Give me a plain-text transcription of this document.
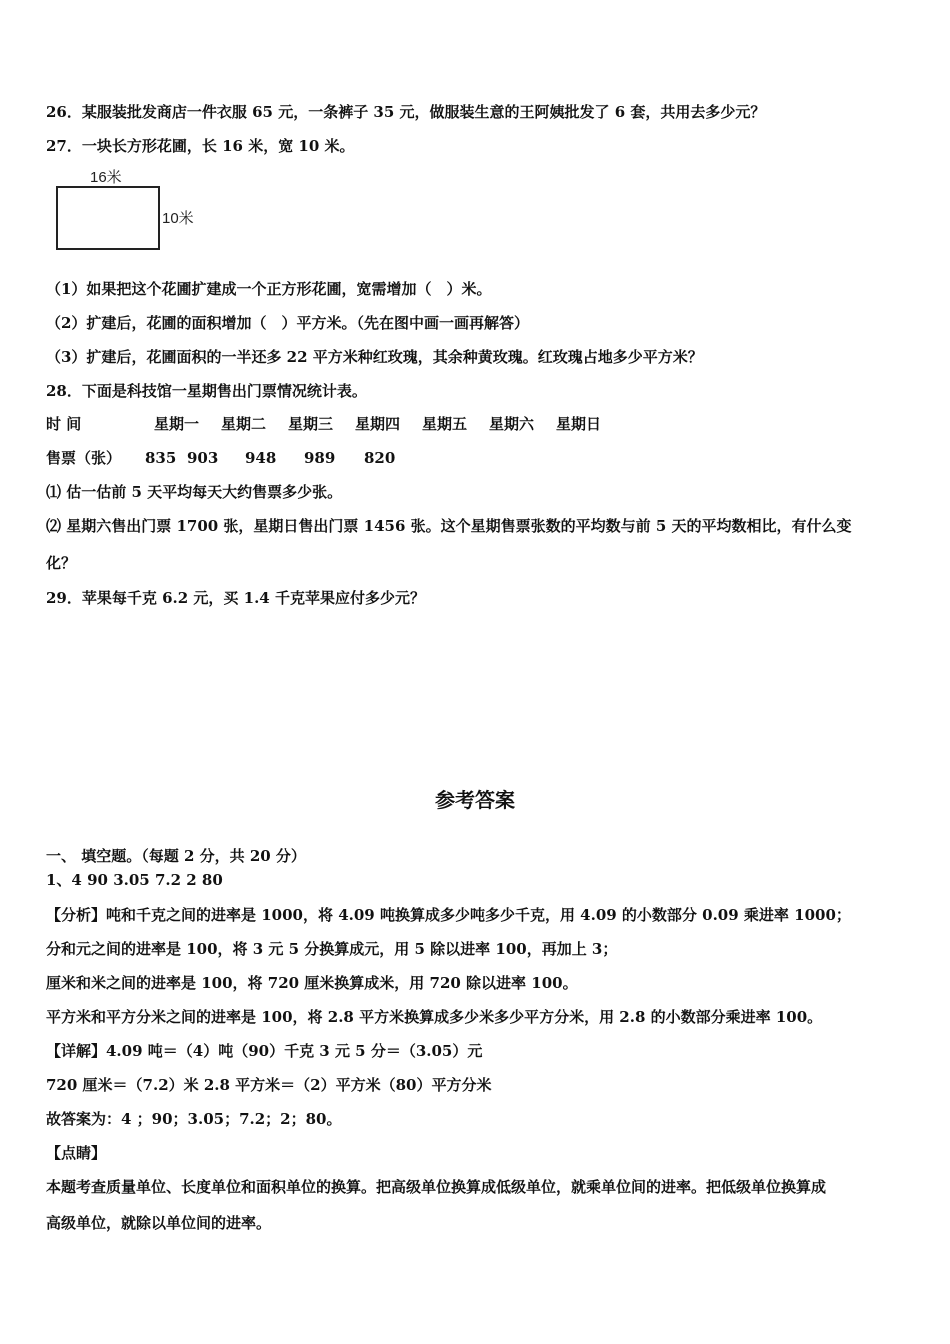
26．某服装批发商店一件衣服 65 元，一条裤子 35 元，做服装生意的王阿姨批发了 6 套，共用去多少元？
27．一块长方形花圃，长 16 米，宽 10 米。
16米
10米
（1）如果把这个花圃扩建成一个正方形花圃，宽需增加（　）米。
（2）扩建后，花圃的面积增加（　）平方米。（先在图中画一画再解答）
（3）扩建后，花圃面积的一半还多 22 平方米种红玫瑰，其余种黄玫瑰。红玫瑰占地多少平方米？
28．下面是科技馆一星期售出门票情况统计表。
时 间	星期一 星期二 星期三 星期四 星期五 星期六 星期日
售票（张） 835 903 948 989 820
⑴ 估一估前 5 天平均每天大约售票多少张。
⑵ 星期六售出门票 1700 张，星期日售出门票 1456 张。这个星期售票张数的平均数与前 5 天的平均数相比，有什么变
化？
29．苹果每千克 6.2 元，买 1.4 千克苹果应付多少元？
参考答案
一、 填空题。（每题 2 分，共 20 分）
1、4 90 3.05 7.2 2 80
【分析】吨和千克之间的进率是 1000，将 4.09 吨换算成多少吨多少千克，用 4.09 的小数部分 0.09 乘进率 1000；
分和元之间的进率是 100，将 3 元 5 分换算成元，用 5 除以进率 100，再加上 3；
厘米和米之间的进率是 100，将 720 厘米换算成米，用 720 除以进率 100。
平方米和平方分米之间的进率是 100，将 2.8 平方米换算成多少米多少平方分米，用 2.8 的小数部分乘进率 100。
【详解】4.09 吨＝（4）吨（90）千克 3 元 5 分＝（3.05）元
720 厘米＝（7.2）米 2.8 平方米＝（2）平方米（80）平方分米
故答案为：4 ；90；3.05；7.2；2；80。
【点睛】
本题考查质量单位、长度单位和面积单位的换算。把高级单位换算成低级单位，就乘单位间的进率。把低级单位换算成
高级单位，就除以单位间的进率。
